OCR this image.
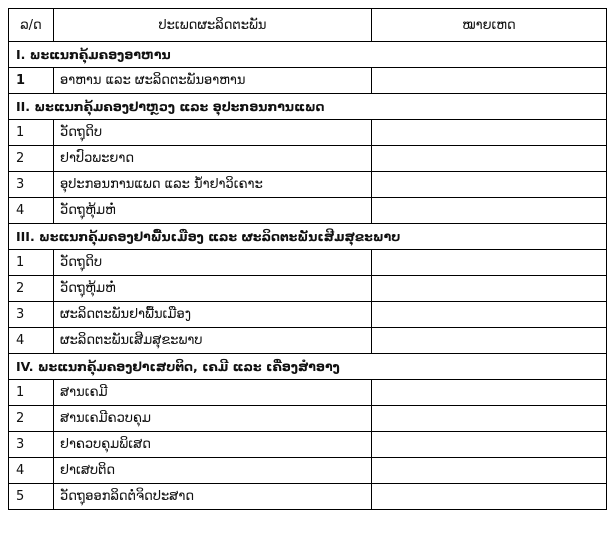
ລ/ດ	ປະເພດຜະລິດຕະພັນ	ໝາຍເຫດ
I. ພະແນກຄຸ້ມຄອງອາຫານ		
1	ອາຫານ ແລະ ຜະລິດຕະພັນອາຫານ	
II. ພະແນກຄຸ້ມຄອງຢາຫຼວງ ແລະ ອຸປະກອນການແພດ		
1	ວັດຖຸດິບ	
2	ຢາປົວພະຍາດ	
3	ອຸປະກອນການແພດ ແລະ ນ້ຳຢາວິເຄາະ	
4	ວັດຖຸຫຸ້ມຫໍ່	
III. ພະແນກຄຸ້ມຄອງຢາພື້ນເມືອງ ແລະ ຜະລິດຕະພັນເສີມສຸຂະພາບ		
1	ວັດຖຸດິບ	
2	ວັດຖຸຫຸ້ມຫໍ່	
3	ຜະລິດຕະພັນຢາພື້ນເມືອງ	
4	ຜະລິດຕະພັນເສີມສຸຂະພາບ	
IV. ພະແນກຄຸ້ມຄອງຢາເສບຕິດ, ເຄມີ ແລະ ເຄື່ອງສຳອາງ		
1	ສານເຄມີ	
2	ສານເຄມີຄວບຄຸມ	
3	ຢາຄວບຄຸມພິເສດ	
4	ຢາເສບຕິດ	
5	ວັດຖຸອອກລິດຕໍ່ຈິດປະສາດ	
